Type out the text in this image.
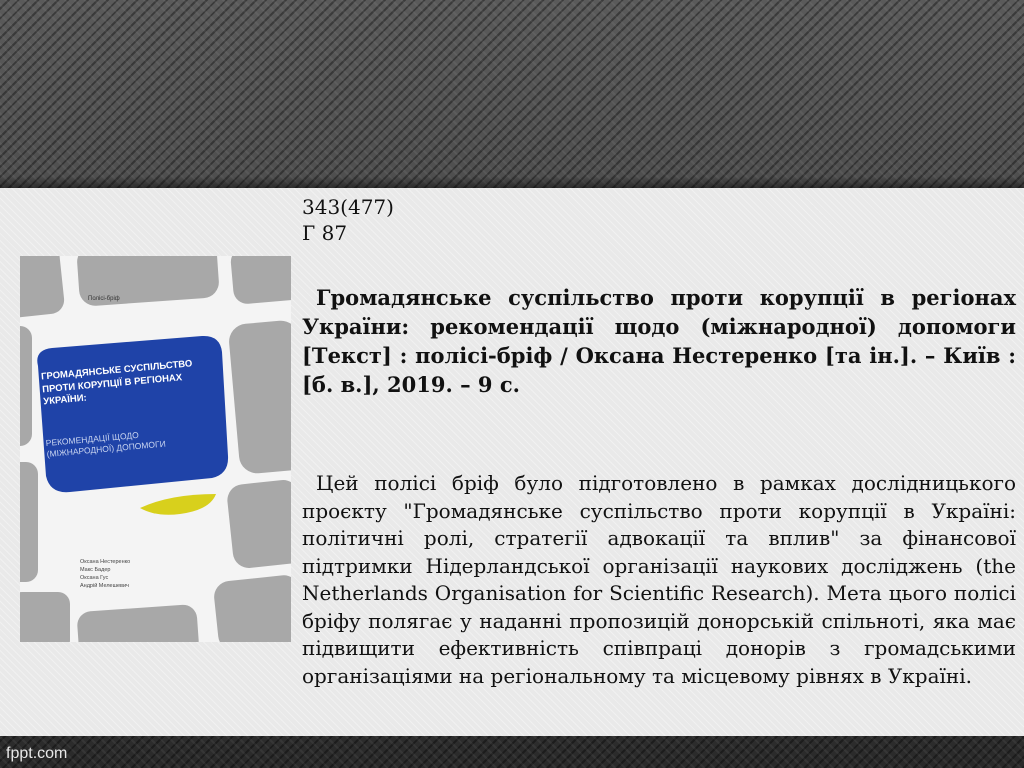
Полісі-бріф
ГРОМАДЯНСЬКЕ СУСПІЛЬСТВО ПРОТИ КОРУПЦІЇ В РЕГІОНАХ УКРАЇНИ:
РЕКОМЕНДАЦІЇ ЩОДО (МІЖНАРОДНОЇ) ДОПОМОГИ
Оксана Нестеренко
Макс Бадер
Оксана Гус
Андрій Мелешевич
343(477)
Г 87
Громадянське суспільство проти корупції в регіонах України: рекомендації щодо (міжнародної) допомоги [Текст] : полісі-бріф / Оксана Нестеренко [та ін.]. – Київ : [б. в.], 2019. – 9 с.
Цей полісі бріф було підготовлено в рамках дослідницького проєкту "Громадянське суспільство проти корупції в Україні: політичні ролі, стратегії адвокації та вплив" за фінансової підтримки Нідерландської організації наукових досліджень (the Netherlands Organisation for Scientific Research). Мета цього полісі бріфу полягає у наданні пропозицій донорській спільноті, яка має підвищити ефективність співпраці донорів з громадськими організаціями на регіональному та місцевому рівнях в Україні.
fppt.com
